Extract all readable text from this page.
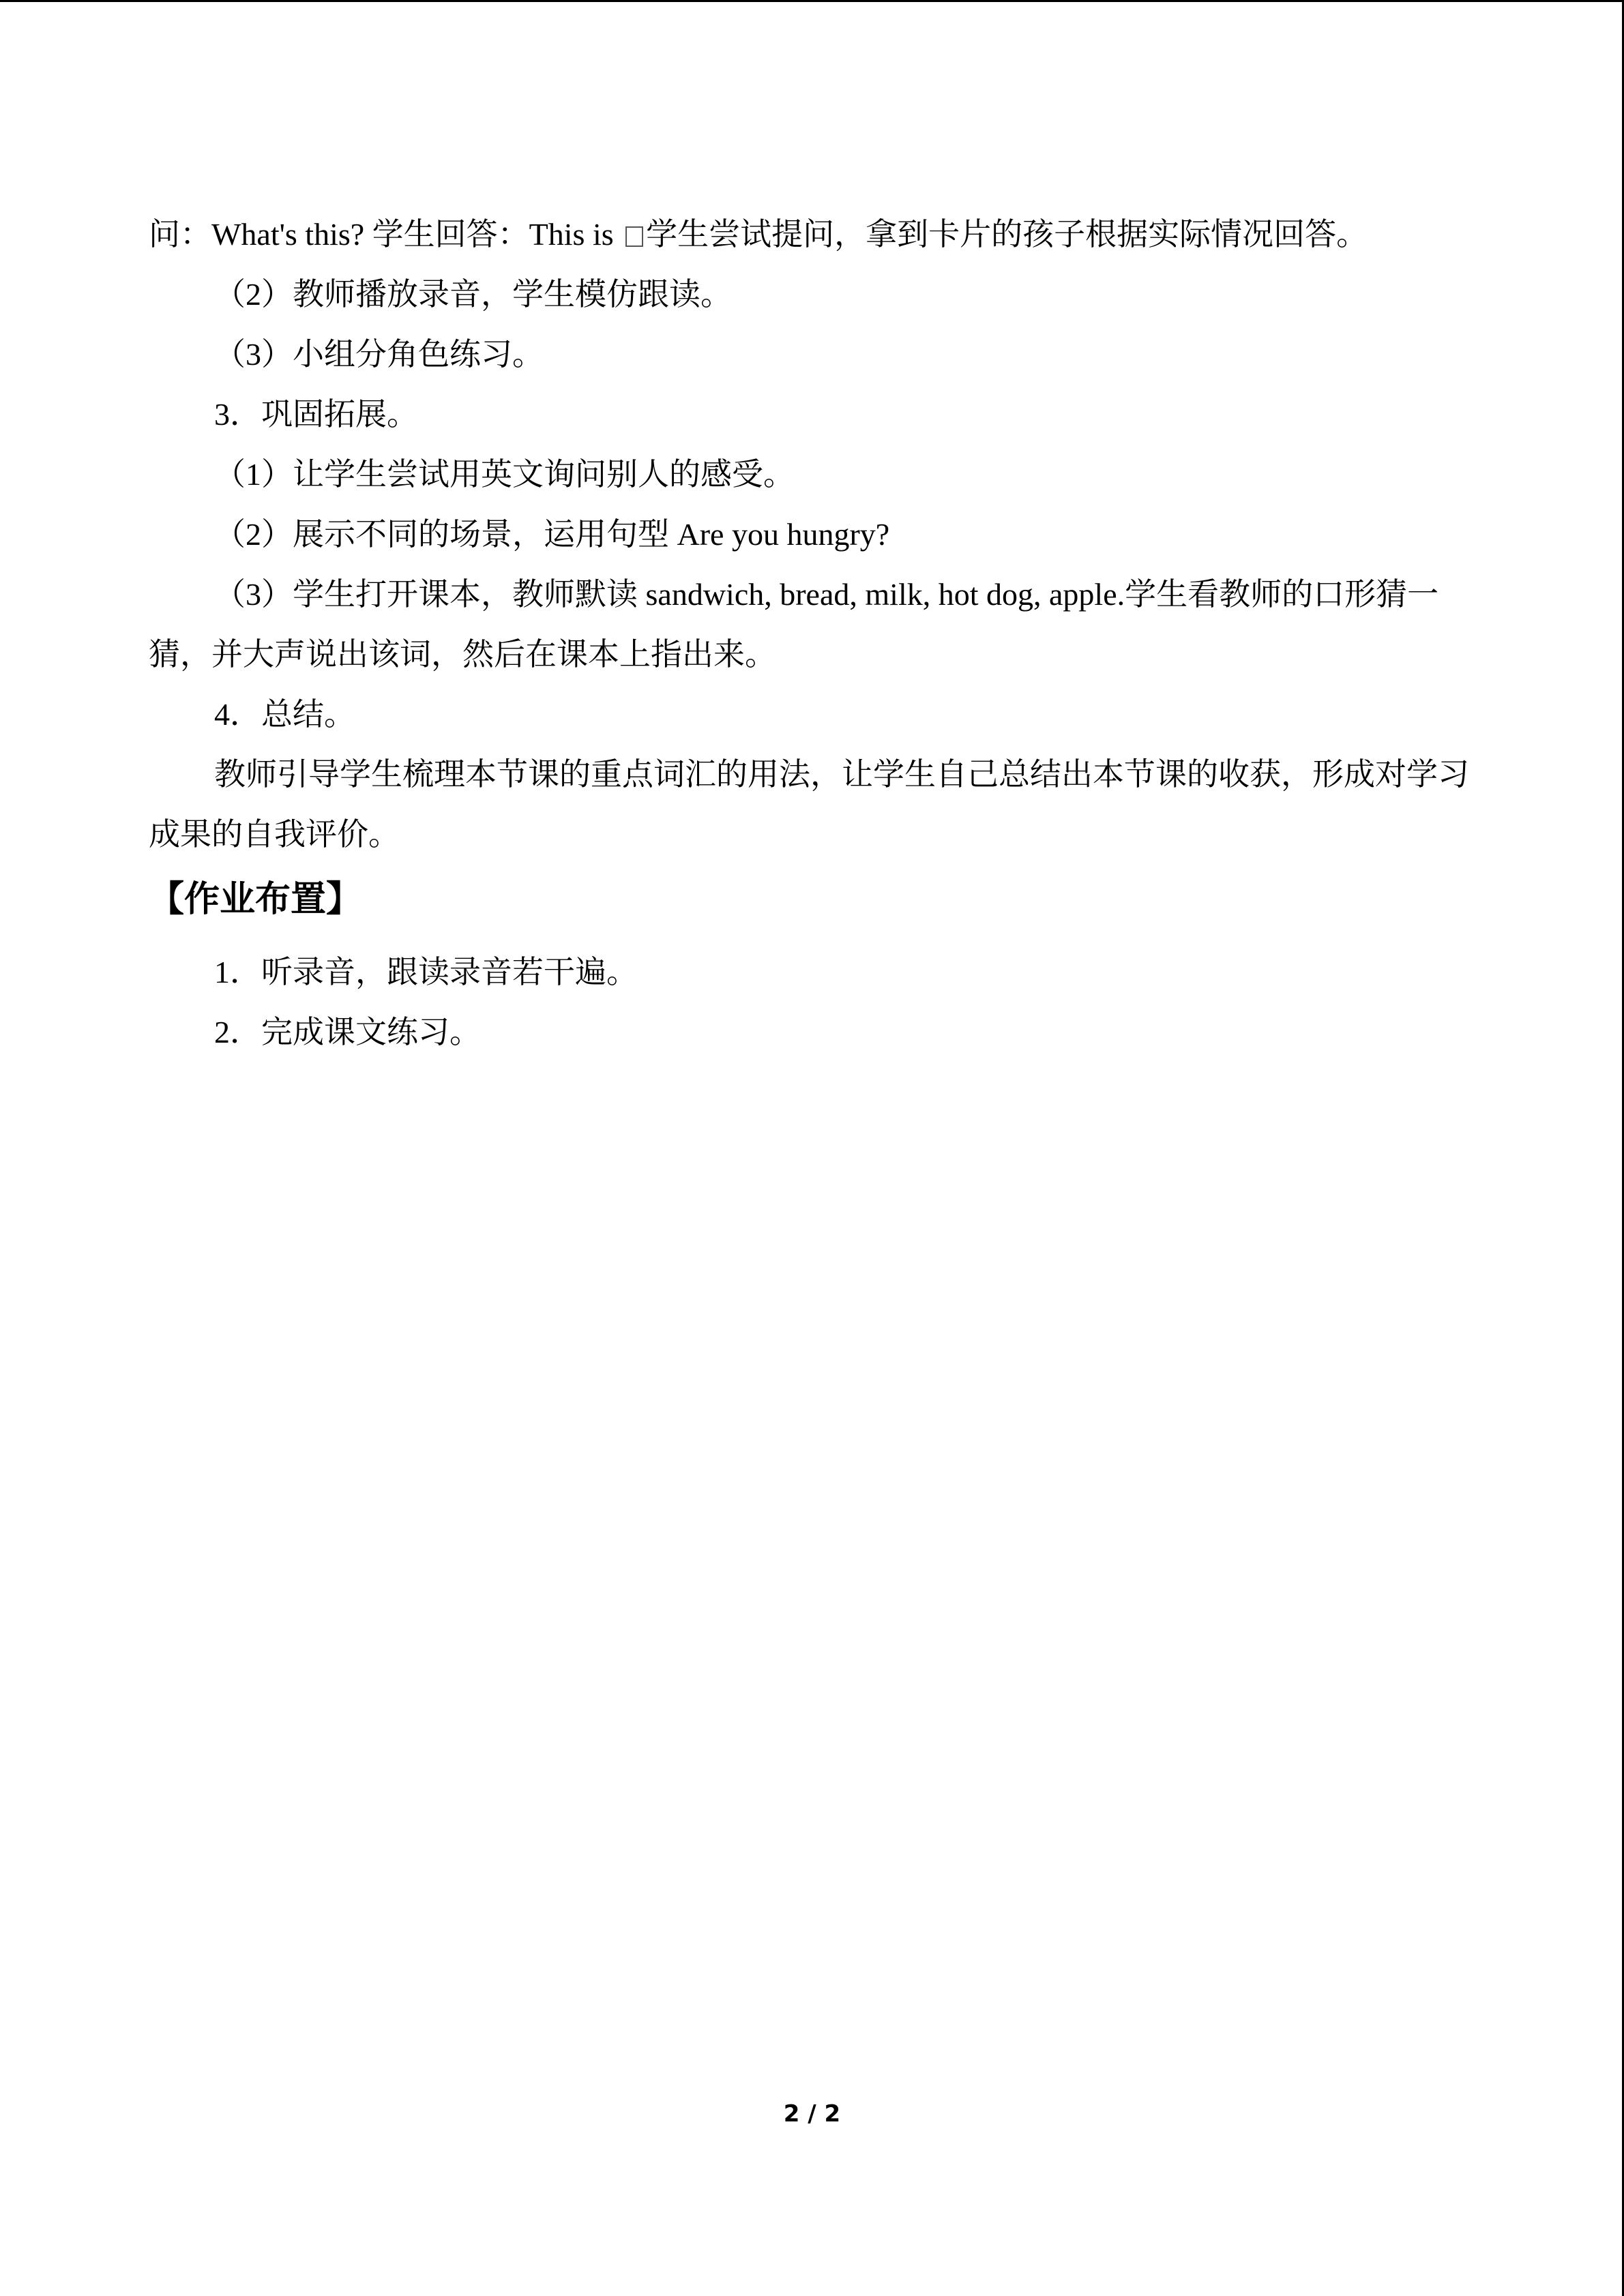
问：What's this? 学生回答：This is 学生尝试提问，拿到卡片的孩子根据实际情况回答。

（2）教师播放录音，学生模仿跟读。

（3）小组分角色练习。

3．巩固拓展。

（1）让学生尝试用英文询问别人的感受。

（2）展示不同的场景，运用句型 Are you hungry?

（3）学生打开课本，教师默读 sandwich, bread, milk, hot dog, apple.学生看教师的口形猜一猜，并大声说出该词，然后在课本上指出来。

4．总结。

教师引导学生梳理本节课的重点词汇的用法，让学生自己总结出本节课的收获，形成对学习成果的自我评价。

【作业布置】

1．听录音，跟读录音若干遍。

2．完成课文练习。

2 / 2
